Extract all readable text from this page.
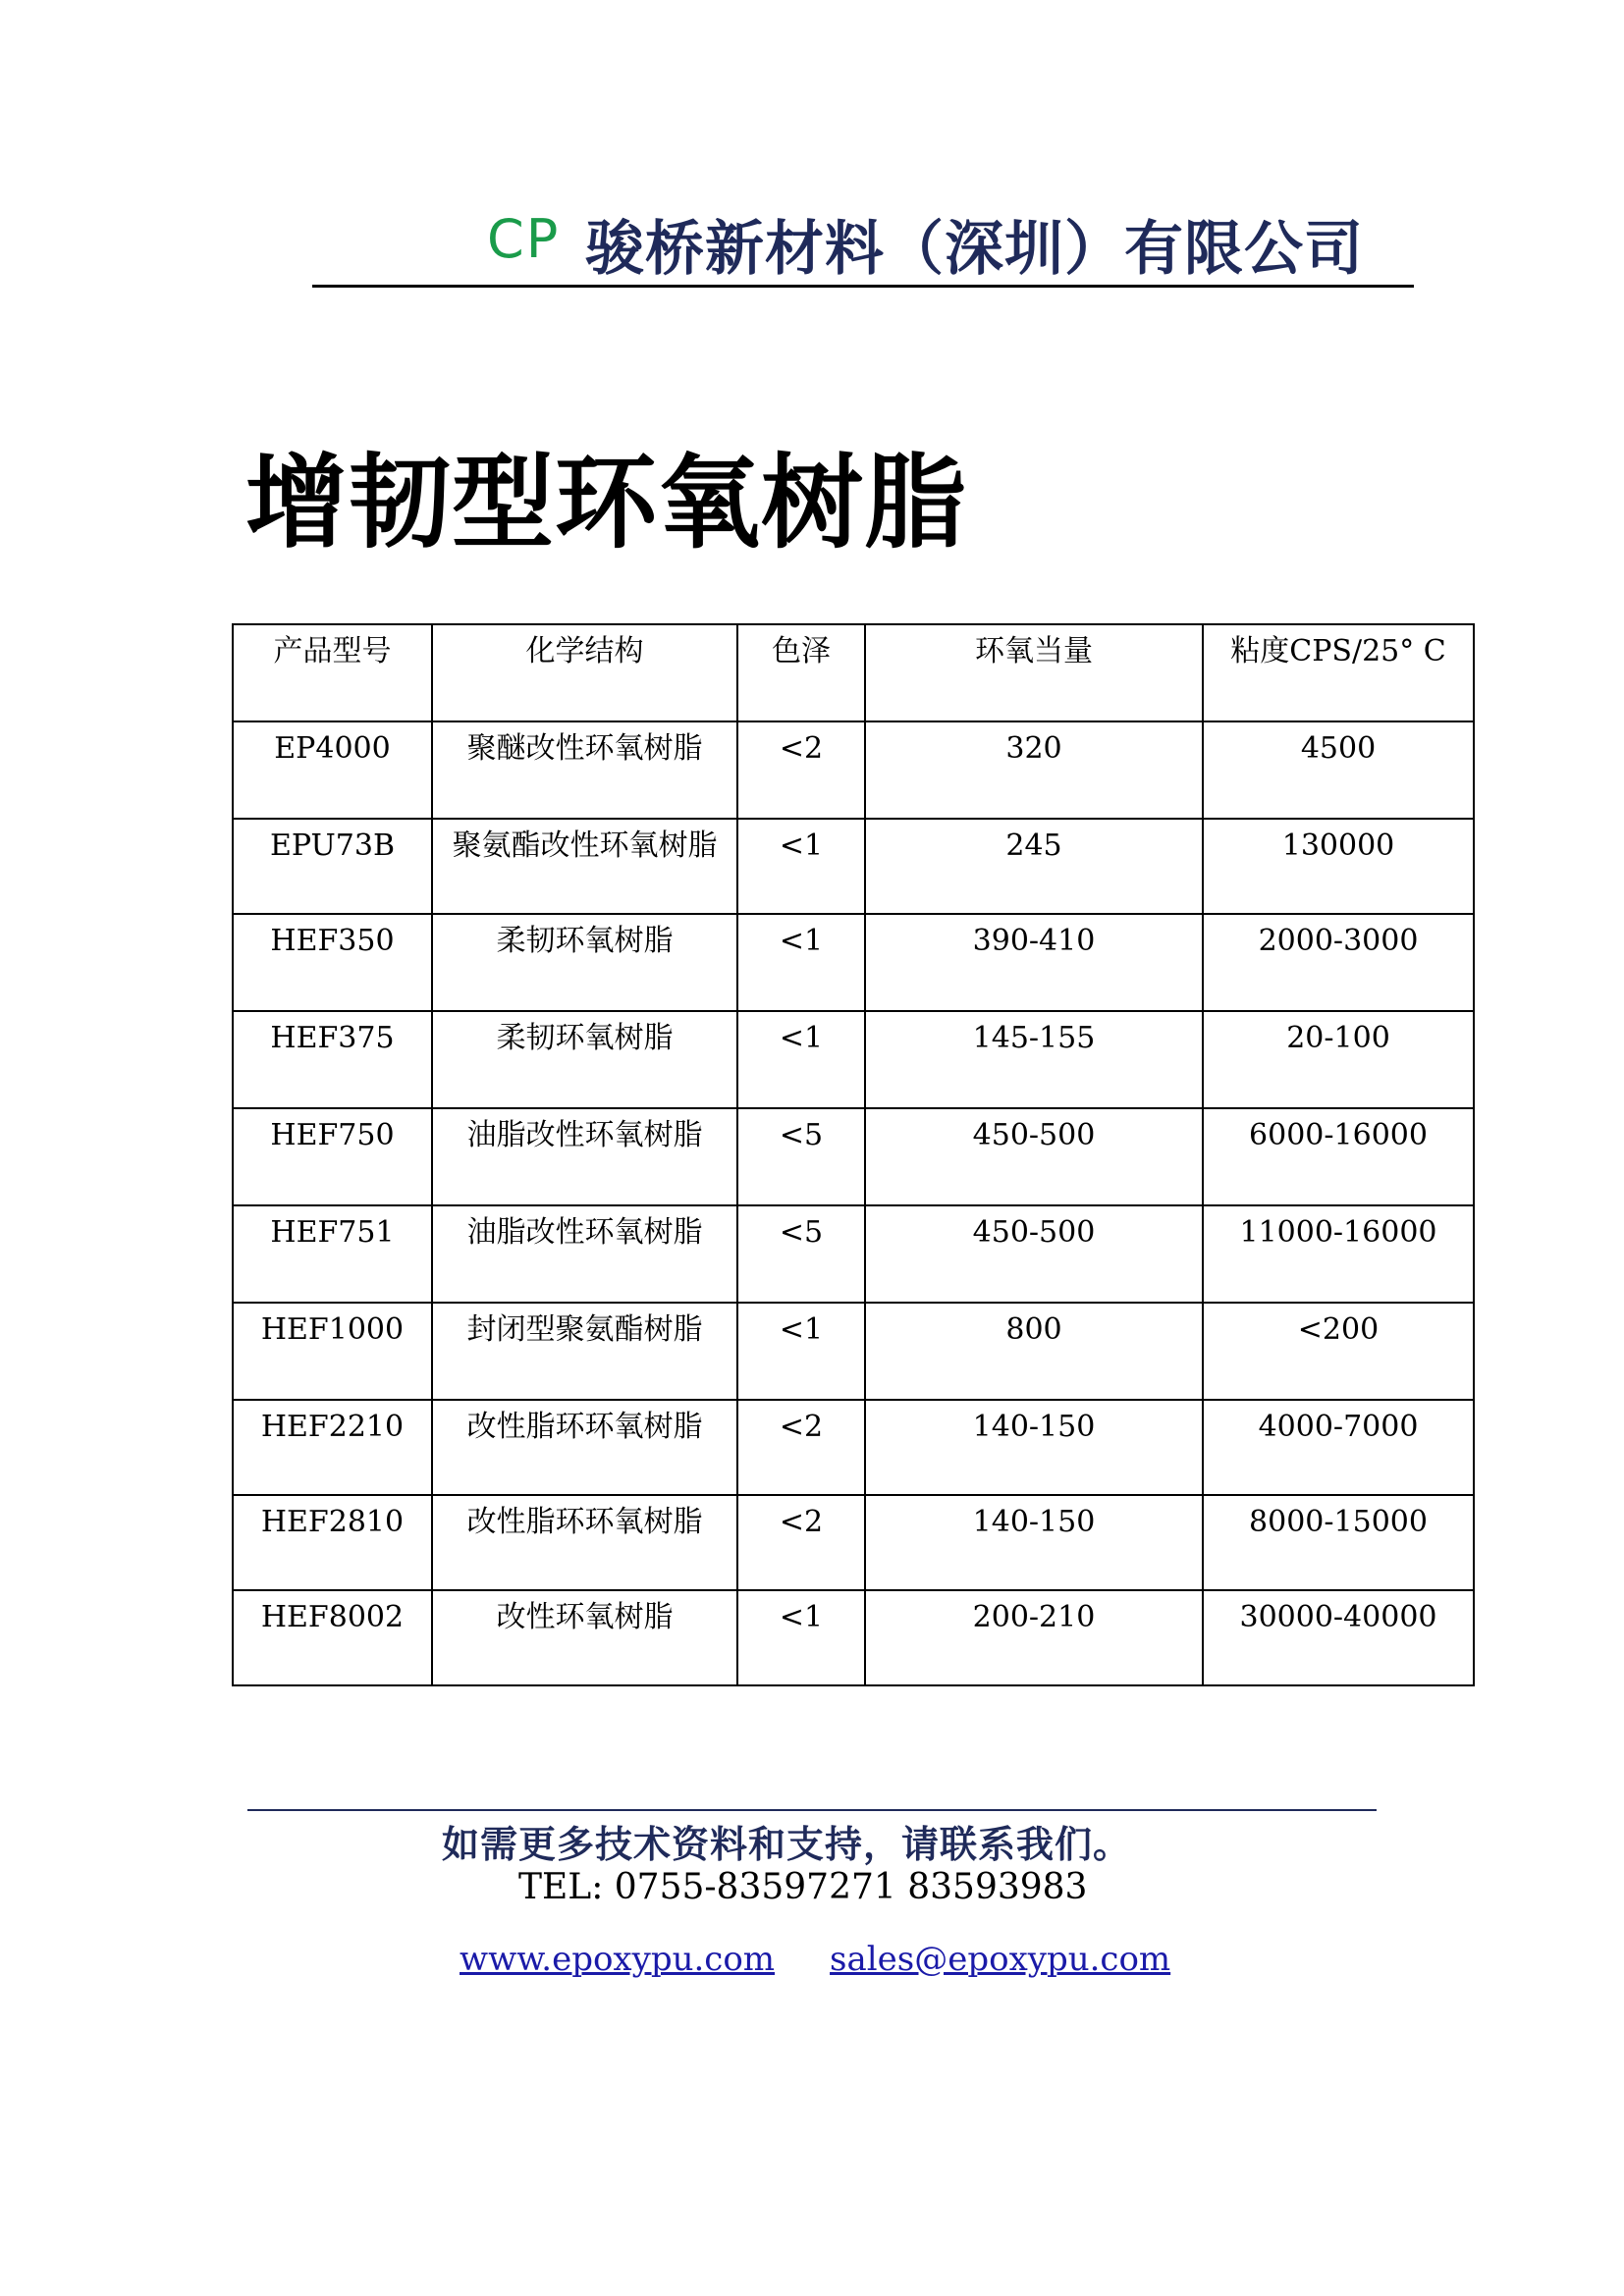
CP 骏桥新材料（深圳）有限公司
增韧型环氧树脂
产品型号	化学结构	色泽	环氧当量	粘度CPS/25° C
EP4000	聚醚改性环氧树脂	<2	320	4500
EPU73B	聚氨酯改性环氧树脂	<1	245	130000
HEF350	柔韧环氧树脂	<1	390-410	2000-3000
HEF375	柔韧环氧树脂	<1	145-155	20-100
HEF750	油脂改性环氧树脂	<5	450-500	6000-16000
HEF751	油脂改性环氧树脂	<5	450-500	11000-16000
HEF1000	封闭型聚氨酯树脂	<1	800	<200
HEF2210	改性脂环环氧树脂	<2	140-150	4000-7000
HEF2810	改性脂环环氧树脂	<2	140-150	8000-15000
HEF8002	改性环氧树脂	<1	200-210	30000-40000
如需更多技术资料和支持，请联系我们。
TEL: 0755-83597271 83593983
www.epoxypu.com sales@epoxypu.com
